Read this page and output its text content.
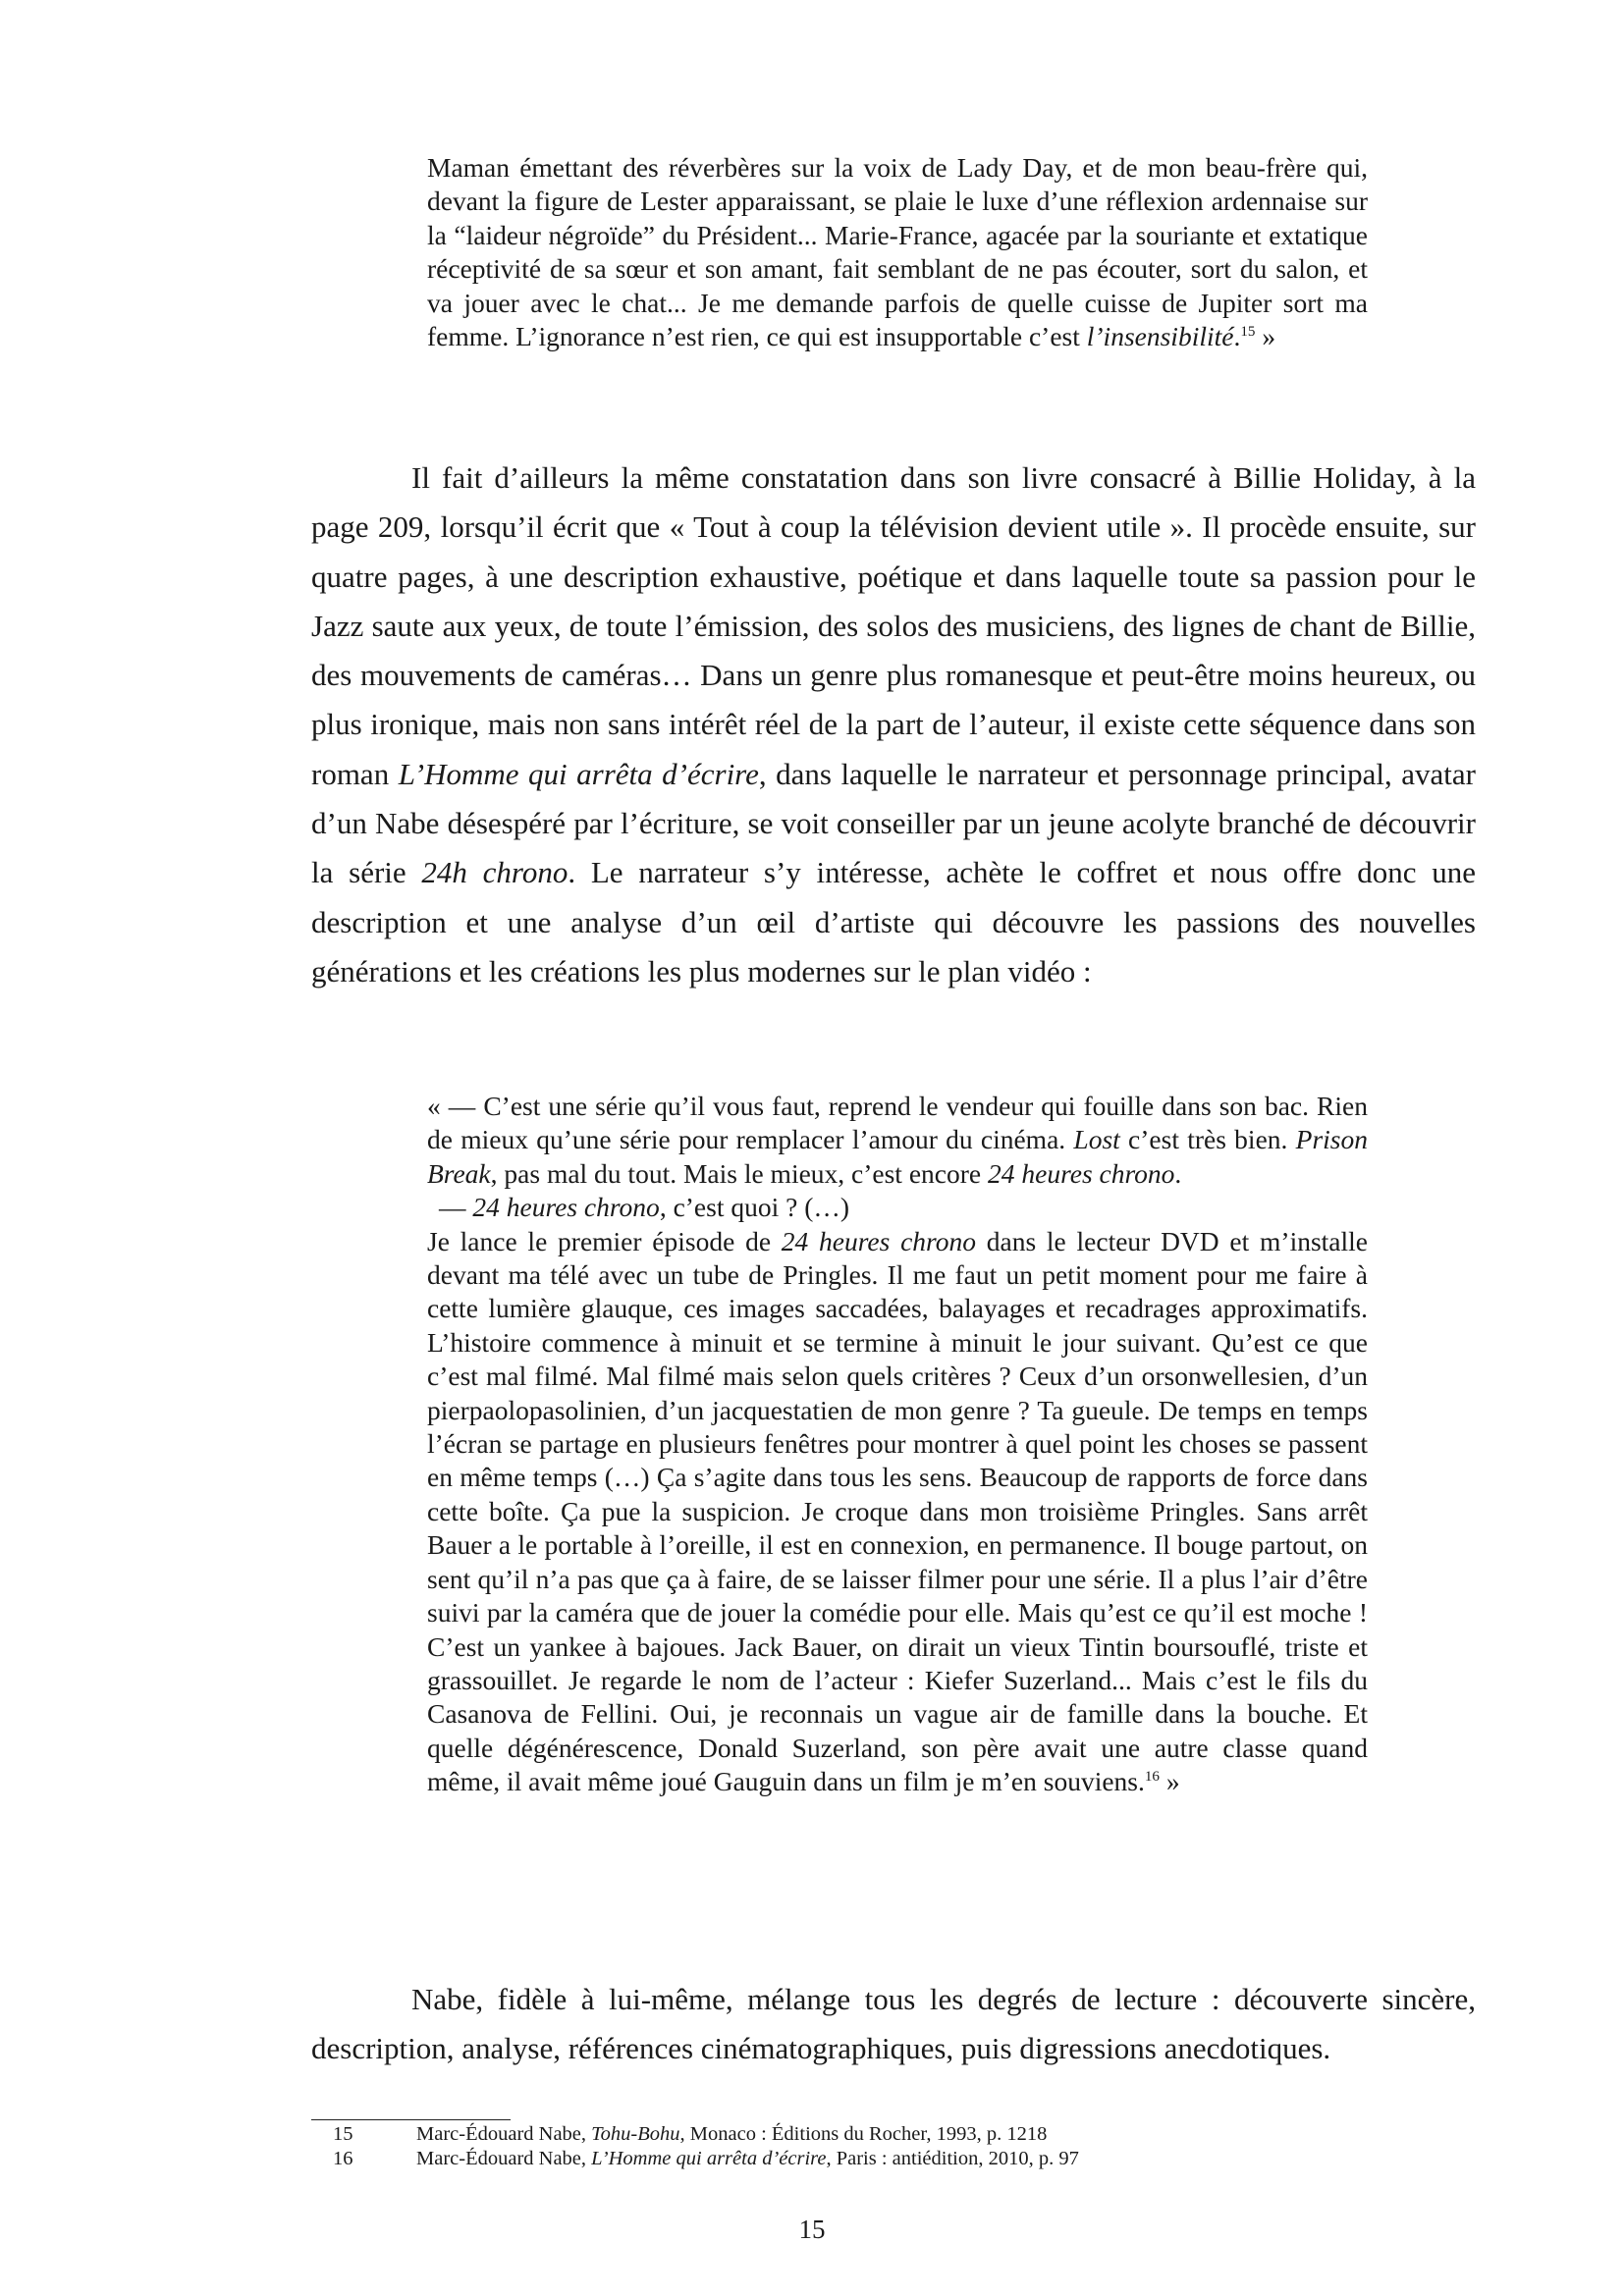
Maman émettant des réverbères sur la voix de Lady Day, et de mon beau-frère qui, devant la figure de Lester apparaissant, se plaie le luxe d’une réflexion ardennaise sur la “laideur négroïde” du Président... Marie-France, agacée par la souriante et extatique réceptivité de sa sœur et son amant, fait semblant de ne pas écouter, sort du salon, et va jouer avec le chat... Je me demande parfois de quelle cuisse de Jupiter sort ma femme. L’ignorance n’est rien, ce qui est insupportable c’est l’insensibilité.$^{15}$ »

Il fait d’ailleurs la même constatation dans son livre consacré à Billie Holiday, à la page 209, lorsqu’il écrit que « Tout à coup la télévision devient utile ». Il procède ensuite, sur quatre pages, à une description exhaustive, poétique et dans laquelle toute sa passion pour le Jazz saute aux yeux, de toute l’émission, des solos des musiciens, des lignes de chant de Billie, des mouvements de caméras… Dans un genre plus romanesque et peut-être moins heureux, ou plus ironique, mais non sans intérêt réel de la part de l’auteur, il existe cette séquence dans son roman L’Homme qui arrêta d’écrire, dans laquelle le narrateur et personnage principal, avatar d’un Nabe désespéré par l’écriture, se voit conseiller par un jeune acolyte branché de découvrir la série 24h chrono. Le narrateur s’y intéresse, achète le coffret et nous offre donc une description et une analyse d’un œil d’artiste qui découvre les passions des nouvelles générations et les créations les plus modernes sur le plan vidéo :

« — C’est une série qu’il vous faut, reprend le vendeur qui fouille dans son bac. Rien de mieux qu’une série pour remplacer l’amour du cinéma. Lost c’est très bien. Prison Break, pas mal du tout. Mais le mieux, c’est encore 24 heures chrono.

— 24 heures chrono, c’est quoi ? (…)

Je lance le premier épisode de 24 heures chrono dans le lecteur DVD et m’installe devant ma télé avec un tube de Pringles. Il me faut un petit moment pour me faire à cette lumière glauque, ces images saccadées, balayages et recadrages approximatifs. L’histoire commence à minuit et se termine à minuit le jour suivant. Qu’est ce que c’est mal filmé. Mal filmé mais selon quels critères ? Ceux d’un orsonwellesien, d’un pierpaolopasolinien, d’un jacquestatien de mon genre ? Ta gueule. De temps en temps l’écran se partage en plusieurs fenêtres pour montrer à quel point les choses se passent en même temps (…) Ça s’agite dans tous les sens. Beaucoup de rapports de force dans cette boîte. Ça pue la suspicion. Je croque dans mon troisième Pringles. Sans arrêt Bauer a le portable à l’oreille, il est en connexion, en permanence. Il bouge partout, on sent qu’il n’a pas que ça à faire, de se laisser filmer pour une série. Il a plus l’air d’être suivi par la caméra que de jouer la comédie pour elle. Mais qu’est ce qu’il est moche ! C’est un yankee à bajoues. Jack Bauer, on dirait un vieux Tintin boursouflé, triste et grassouillet. Je regarde le nom de l’acteur : Kiefer Suzerland... Mais c’est le fils du Casanova de Fellini. Oui, je reconnais un vague air de famille dans la bouche. Et quelle dégénérescence, Donald Suzerland, son père avait une autre classe quand même, il avait même joué Gauguin dans un film je m’en souviens.$^{16}$ »

Nabe, fidèle à lui-même, mélange tous les degrés de lecture : découverte sincère, description, analyse, références cinématographiques, puis digressions anecdotiques.

15	Marc-Édouard Nabe, Tohu-Bohu, Monaco : Éditions du Rocher, 1993, p. 1218
16	Marc-Édouard Nabe, L’Homme qui arrêta d’écrire, Paris : antiédition, 2010, p. 97
15
